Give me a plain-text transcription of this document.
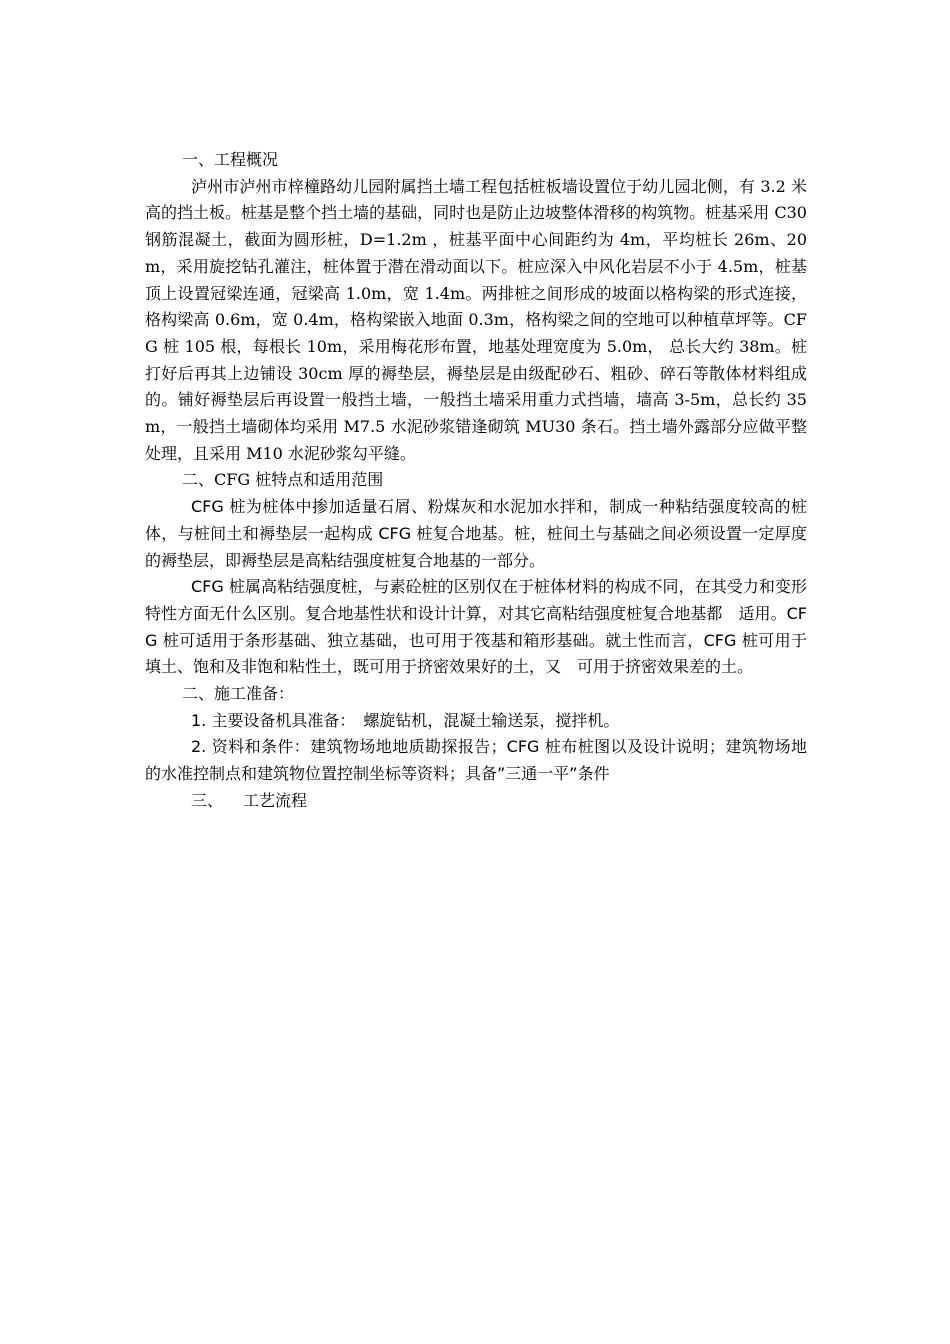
一、工程概况

泸州市泸州市梓橦路幼儿园附属挡土墙工程包括桩板墙设置位于幼儿园北侧，有 3.2 米高的挡土板。桩基是整个挡土墙的基础，同时也是防止边坡整体滑移的构筑物。桩基采用 C30 钢筋混凝土，截面为圆形桩，D=1.2m ，桩基平面中心间距约为 4m，平均桩长 26m、20m，采用旋挖钻孔灌注，桩体置于潜在滑动面以下。桩应深入中风化岩层不小于 4.5m，桩基顶上设置冠梁连通，冠梁高 1.0m，宽 1.4m。两排桩之间形成的坡面以格构梁的形式连接，格构梁高 0.6m，宽 0.4m，格构梁嵌入地面 0.3m，格构梁之间的空地可以种植草坪等。CFG 桩 105 根，每根长 10m，采用梅花形布置，地基处理宽度为 5.0m， 总长大约 38m。桩打好后再其上边铺设 30cm 厚的褥垫层，褥垫层是由级配砂石、粗砂、碎石等散体材料组成的。铺好褥垫层后再设置一般挡土墙，一般挡土墙采用重力式挡墙，墙高 3-5m，总长约 35m，一般挡土墙砌体均采用 M7.5 水泥砂浆错逢砌筑 MU30 条石。挡土墙外露部分应做平整处理，且采用 M10 水泥砂浆勾平缝。

二、CFG 桩特点和适用范围

CFG 桩为桩体中掺加适量石屑、粉煤灰和水泥加水拌和，制成一种粘结强度较高的桩体，与桩间土和褥垫层一起构成 CFG 桩复合地基。桩，桩间土与基础之间必须设置一定厚度的褥垫层，即褥垫层是高粘结强度桩复合地基的一部分。

CFG 桩属高粘结强度桩，与素砼桩的区别仅在于桩体材料的构成不同，在其受力和变形特性方面无什么区别。复合地基性状和设计计算，对其它高粘结强度桩复合地基都　适用。CFG 桩可适用于条形基础、独立基础，也可用于筏基和箱形基础。就土性而言，CFG 桩可用于填土、饱和及非饱和粘性土，既可用于挤密效果好的土，又　可用于挤密效果差的土。

二、施工准备：

1. 主要设备机具准备：　螺旋钻机，混凝土输送泵，搅拌机。

2. 资料和条件：建筑物场地地质勘探报告；CFG 桩布桩图以及设计说明；建筑物场地的水准控制点和建筑物位置控制坐标等资料；具备”三通一平”条件

三、 工艺流程
